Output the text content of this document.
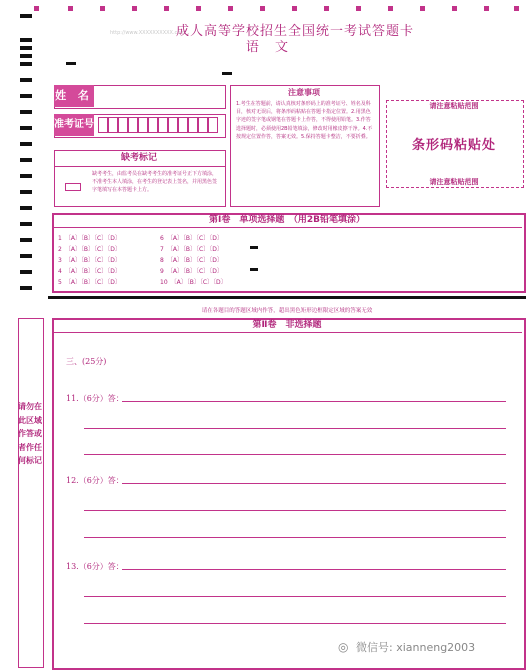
http://www.XXXXXXXXXX.com
成人高等学校招生全国统一考试答题卡
语 文
姓 名
准考证号
缺考标记
缺考考生，由监考员在缺考考生的准考证号正下方填涂，不准考生本人填涂，在考生的登记表上签名，并用黑色签字笔填写在本答题卡上方。
注意事项
1.考生在答题前，请认真核对条形码上的准考证号、姓名及科目，核对无误后，将条形码粘贴在答题卡指定位置。2.用黑色字迹的签字笔或钢笔在答题卡上作答，不得使用铅笔。3.作答选择题时，必须使用2B铅笔填涂，修改时用橡皮擦干净。4.不按规定位置作答，答案无效。5.保持答题卡整洁，不要折叠。
请注意粘贴范围
条形码粘贴处
请注意粘贴范围
第Ⅰ卷　单项选择题　（用2B铅笔填涂）
1　〔A〕〔B〕〔C〕〔D〕
2　〔A〕〔B〕〔C〕〔D〕
3　〔A〕〔B〕〔C〕〔D〕
4　〔A〕〔B〕〔C〕〔D〕
5　〔A〕〔B〕〔C〕〔D〕
6　〔A〕〔B〕〔C〕〔D〕
7　〔A〕〔B〕〔C〕〔D〕
8　〔A〕〔B〕〔C〕〔D〕
9　〔A〕〔B〕〔C〕〔D〕
10　〔A〕〔B〕〔C〕〔D〕
请勿在此区域作答或者作任何标记
请在各题目的答题区域内作答，超出黑色矩形边框限定区域的答案无效
第Ⅱ卷　非选择题
三、(25分)
11.（6分）答：
12.（6分）答：
13.（6分）答：
◎ 微信号: xianneng2003
